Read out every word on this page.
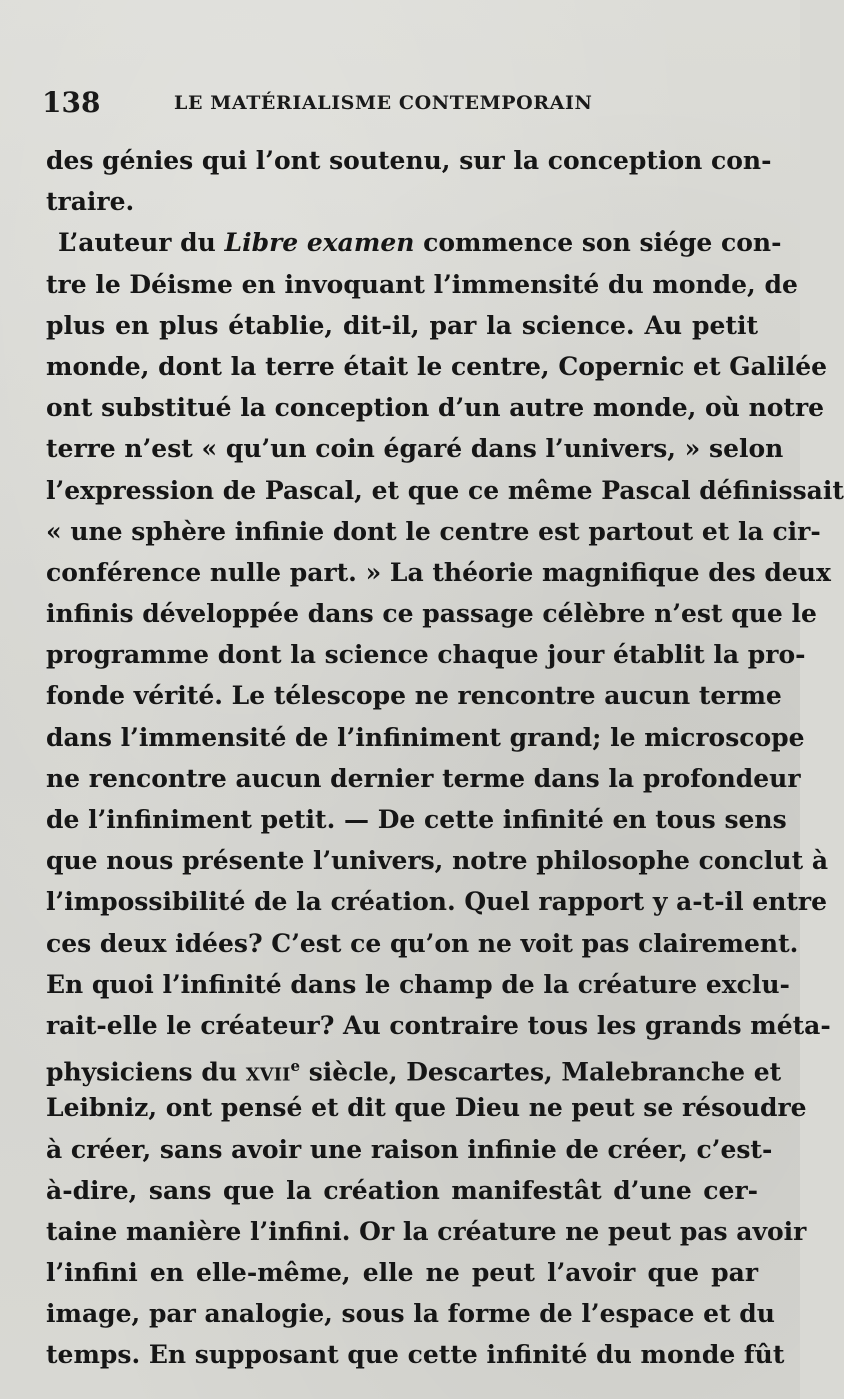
138	LE MATÉRIALISME CONTEMPORAIN
des génies qui l’ont soutenu, sur la conception con-
traire.
L’auteur du Libre examen commence son siége con-
tre le Déisme en invoquant l’immensité du monde, de
plus en plus établie, dit-il, par la science. Au petit
monde, dont la terre était le centre, Copernic et Galilée
ont substitué la conception d’un autre monde, où notre
terre n’est « qu’un coin égaré dans l’univers, » selon
l’expression de Pascal, et que ce même Pascal définissait
« une sphère infinie dont le centre est partout et la cir-
conférence nulle part. » La théorie magnifique des deux
infinis développée dans ce passage célèbre n’est que le
programme dont la science chaque jour établit la pro-
fonde vérité. Le télescope ne rencontre aucun terme
dans l’immensité de l’infiniment grand; le microscope
ne rencontre aucun dernier terme dans la profondeur
de l’infiniment petit. — De cette infinité en tous sens
que nous présente l’univers, notre philosophe conclut à
l’impossibilité de la création. Quel rapport y a-t-il entre
ces deux idées? C’est ce qu’on ne voit pas clairement.
En quoi l’infinité dans le champ de la créature exclu-
rait-elle le créateur? Au contraire tous les grands méta-
physiciens du xvii$^e$ siècle, Descartes, Malebranche et
Leibniz, ont pensé et dit que Dieu ne peut se résoudre
à créer, sans avoir une raison infinie de créer, c’est-
à-dire, sans que la création manifestât d’une cer-
taine manière l’infini. Or la créature ne peut pas avoir
l’infini en elle-même, elle ne peut l’avoir que par
image, par analogie, sous la forme de l’espace et du
temps. En supposant que cette infinité du monde fût
